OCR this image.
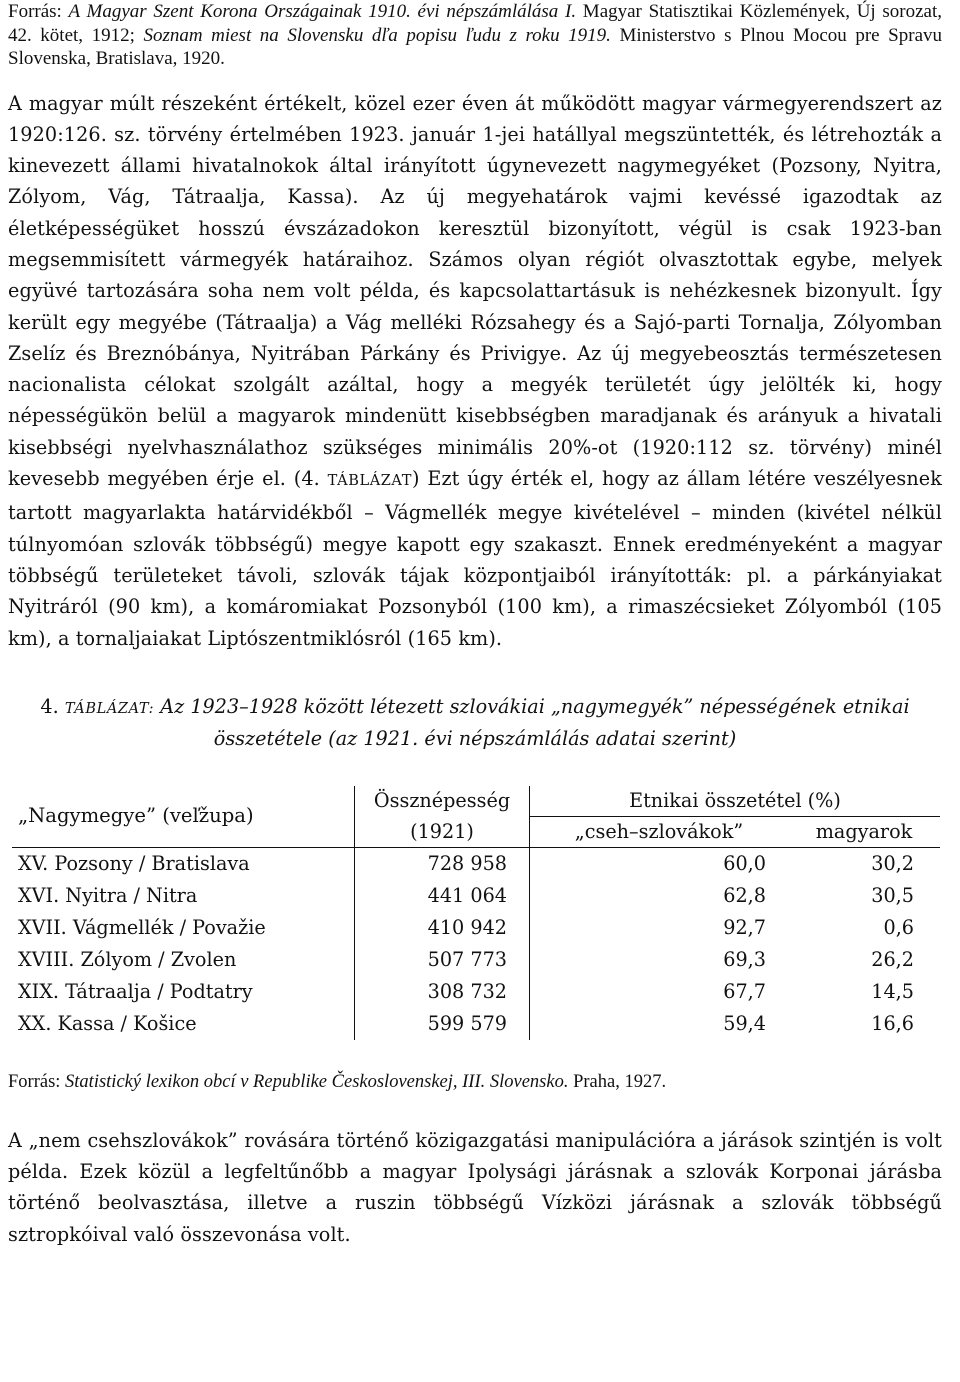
Forrás: A Magyar Szent Korona Országainak 1910. évi népszámlálása I. Magyar Statisztikai Közlemények, Új sorozat, 42. kötet, 1912; Soznam miest na Slovensku dľa popisu ľudu z roku 1919. Ministerstvo s Plnou Mocou pre Spravu Slovenska, Bratislava, 1920.

A magyar múlt részeként értékelt, közel ezer éven át működött magyar vármegyerendszert az 1920:126. sz. törvény értelmében 1923. január 1-jei hatállyal megszüntették, és létrehozták a kinevezett állami hivatalnokok által irányított úgynevezett nagymegyéket (Pozsony, Nyitra, Zólyom, Vág, Tátraalja, Kassa). Az új megyehatárok vajmi kevéssé igazodtak az életképességüket hosszú évszázadokon keresztül bizonyított, végül is csak 1923-ban megsemmisített vármegyék határaihoz. Számos olyan régiót olvasztottak egybe, melyek együvé tartozására soha nem volt példa, és kapcsolattartásuk is nehézkesnek bizonyult. Így került egy megyébe (Tátraalja) a Vág melléki Rózsahegy és a Sajó-parti Tornalja, Zólyomban Zselíz és Breznóbánya, Nyitrában Párkány és Privigye. Az új megyebeosztás természetesen nacionalista célokat szolgált azáltal, hogy a megyék területét úgy jelölték ki, hogy népességükön belül a magyarok mindenütt kisebbségben maradjanak és arányuk a hivatali kisebbségi nyelvhasználathoz szükséges minimális 20%-ot (1920:112 sz. törvény) minél kevesebb megyében érje el. (4. TÁBLÁZAT) Ezt úgy érték el, hogy az állam létére veszélyesnek tartott magyarlakta határvidékből – Vágmellék megye kivételével – minden (kivétel nélkül túlnyomóan szlovák többségű) megye kapott egy szakaszt. Ennek eredményeként a magyar többségű területeket távoli, szlovák tájak központjaiból irányították: pl. a párkányiakat Nyitráról (90 km), a komáromiakat Pozsonyból (100 km), a rimaszécsieket Zólyomból (105 km), a tornaljaiakat Liptószentmiklósról (165 km).

4. TÁBLÁZAT: Az 1923–1928 között létezett szlovákiai „nagymegyék” népességének etnikai összetétele (az 1921. évi népszámlálás adatai szerint)

„Nagymegye” (veľžupa)	Össznépesség	Etnikai összetétel (%)	
	(1921)	„cseh–szlovákok”	magyarok
XV. Pozsony / Bratislava	728 958	60,0	30,2
XVI. Nyitra / Nitra	441 064	62,8	30,5
XVII. Vágmellék / Považie	410 942	92,7	0,6
XVIII. Zólyom / Zvolen	507 773	69,3	26,2
XIX. Tátraalja / Podtatry	308 732	67,7	14,5
XX. Kassa / Košice	599 579	59,4	16,6

Forrás: Statistický lexikon obcí v Republike Československej, III. Slovensko. Praha, 1927.

A „nem csehszlovákok” rovására történő közigazgatási manipulációra a járások szintjén is volt példa. Ezek közül a legfeltűnőbb a magyar Ipolysági járásnak a szlovák Korponai járásba történő beolvasztása, illetve a ruszin többségű Vízközi járásnak a szlovák többségű sztropkóival való összevonása volt.
